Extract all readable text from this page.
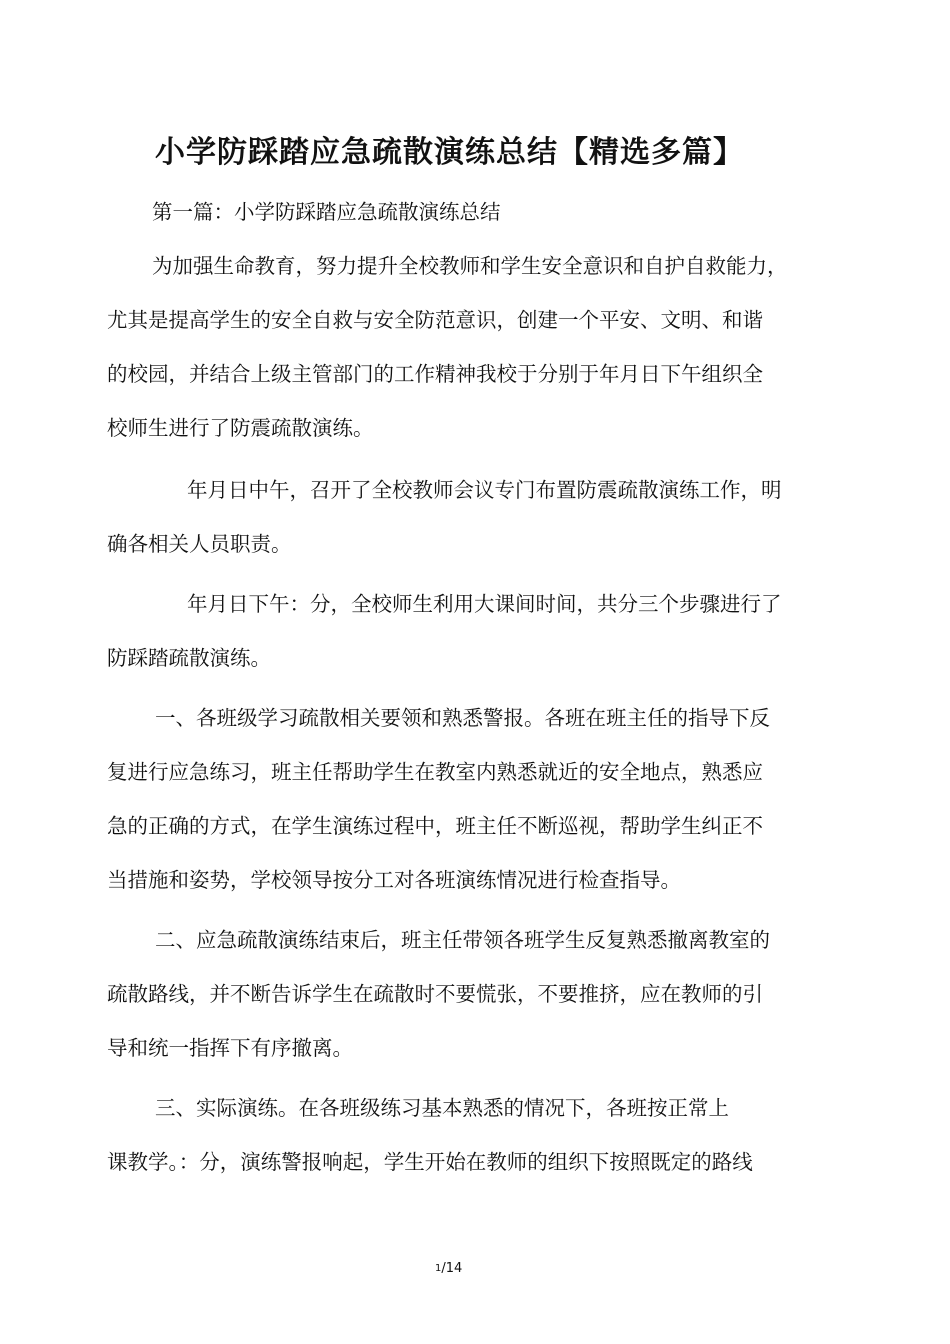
小学防踩踏应急疏散演练总结【精选多篇】
第一篇：小学防踩踏应急疏散演练总结
为加强生命教育，努力提升全校教师和学生安全意识和自护自救能力，
尤其是提高学生的安全自救与安全防范意识，创建一个平安、文明、和谐
的校园，并结合上级主管部门的工作精神我校于分别于年月日下午组织全
校师生进行了防震疏散演练。
年月日中午，召开了全校教师会议专门布置防震疏散演练工作，明
确各相关人员职责。
年月日下午：分，全校师生利用大课间时间，共分三个步骤进行了
防踩踏疏散演练。
一、各班级学习疏散相关要领和熟悉警报。各班在班主任的指导下反
复进行应急练习，班主任帮助学生在教室内熟悉就近的安全地点，熟悉应
急的正确的方式，在学生演练过程中，班主任不断巡视，帮助学生纠正不
当措施和姿势，学校领导按分工对各班演练情况进行检查指导。
二、应急疏散演练结束后，班主任带领各班学生反复熟悉撤离教室的
疏散路线，并不断告诉学生在疏散时不要慌张，不要推挤，应在教师的引
导和统一指挥下有序撤离。
三、实际演练。在各班级练习基本熟悉的情况下，各班按正常上
课教学。：分，演练警报响起，学生开始在教师的组织下按照既定的路线
$^1$/14
